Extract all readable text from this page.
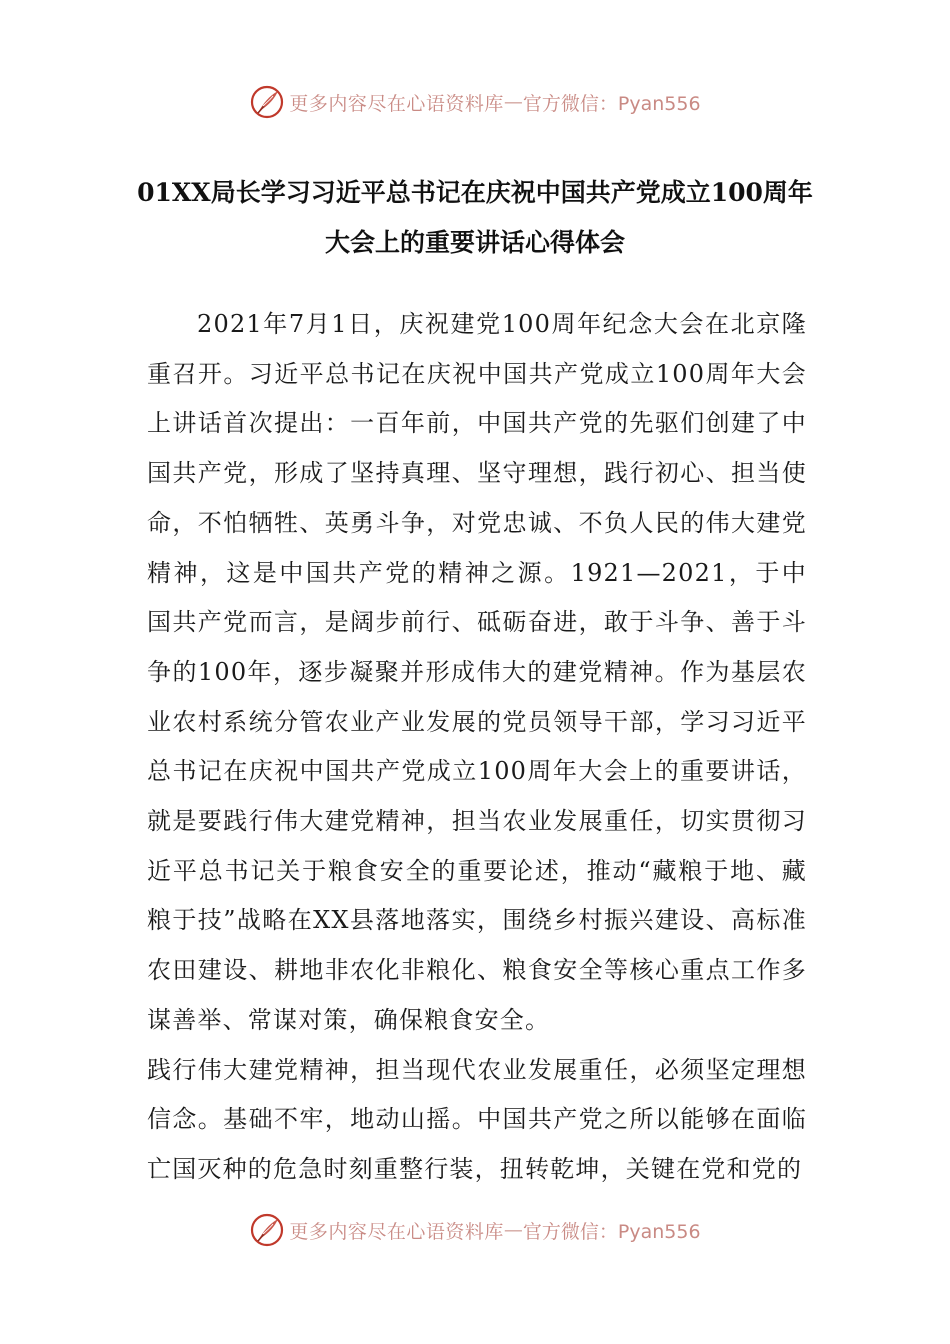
更多内容尽在心语资料库 — 官方微信：Pyan556
01XX局长学习习近平总书记在庆祝中国共产党成立100周年大会上的重要讲话心得体会

2021年7月1日，庆祝建党100周年纪念大会在北京隆重召开。习近平总书记在庆祝中国共产党成立100周年大会上讲话首次提出：一百年前，中国共产党的先驱们创建了中国共产党，形成了坚持真理、坚守理想，践行初心、担当使命，不怕牺牲、英勇斗争，对党忠诚、不负人民的伟大建党精神，这是中国共产党的精神之源。1921—2021，于中国共产党而言，是阔步前行、砥砺奋进，敢于斗争、善于斗争的100年，逐步凝聚并形成伟大的建党精神。作为基层农业农村系统分管农业产业发展的党员领导干部，学习习近平总书记在庆祝中国共产党成立100周年大会上的重要讲话，就是要践行伟大建党精神，担当农业发展重任，切实贯彻习近平总书记关于粮食安全的重要论述，推动“藏粮于地、藏粮于技”战略在XX县落地落实，围绕乡村振兴建设、高标准农田建设、耕地非农化非粮化、粮食安全等核心重点工作多谋善举、常谋对策，确保粮食安全。

践行伟大建党精神，担当现代农业发展重任，必须坚定理想信念。基础不牢，地动山摇。中国共产党之所以能够在面临亡国灭种的危急时刻重整行装，扭转乾坤，关键在党和党的

更多内容尽在心语资料库 — 官方微信：Pyan556
